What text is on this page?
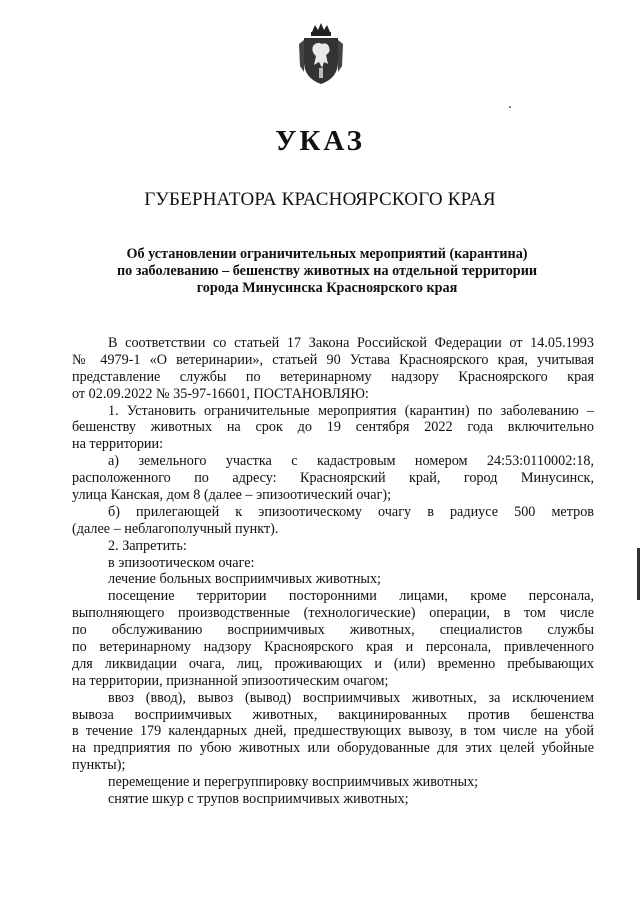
УКАЗ
ГУБЕРНАТОРА КРАСНОЯРСКОГО КРАЯ
Об установлении ограничительных мероприятий (карантина)
по заболеванию – бешенству животных на отдельной территории
города Минусинска Красноярского края
В соответствии со статьей 17 Закона Российской Федерации от 14.05.1993
№ 4979-1 «О ветеринарии», статьей 90 Устава Красноярского края, учитывая
представление службы по ветеринарному надзору Красноярского края
от 02.09.2022 № 35-97-16601, ПОСТАНОВЛЯЮ:
1. Установить ограничительные мероприятия (карантин) по заболеванию –
бешенству животных на срок до 19 сентября 2022 года включительно
на территории:
а) земельного участка с кадастровым номером 24:53:0110002:18,
расположенного по адресу: Красноярский край, город Минусинск,
улица Канская, дом 8 (далее – эпизоотический очаг);
б) прилегающей к эпизоотическому очагу в радиусе 500 метров
(далее – неблагополучный пункт).
2. Запретить:
в эпизоотическом очаге:
лечение больных восприимчивых животных;
посещение территории посторонними лицами, кроме персонала,
выполняющего производственные (технологические) операции, в том числе
по обслуживанию восприимчивых животных, специалистов службы
по ветеринарному надзору Красноярского края и персонала, привлеченного
для ликвидации очага, лиц, проживающих и (или) временно пребывающих
на территории, признанной эпизоотическим очагом;
ввоз (ввод), вывоз (вывод) восприимчивых животных, за исключением
вывоза восприимчивых животных, вакцинированных против бешенства
в течение 179 календарных дней, предшествующих вывозу, в том числе на убой
на предприятия по убою животных или оборудованные для этих целей убойные
пункты);
перемещение и перегруппировку восприимчивых животных;
снятие шкур с трупов восприимчивых животных;
